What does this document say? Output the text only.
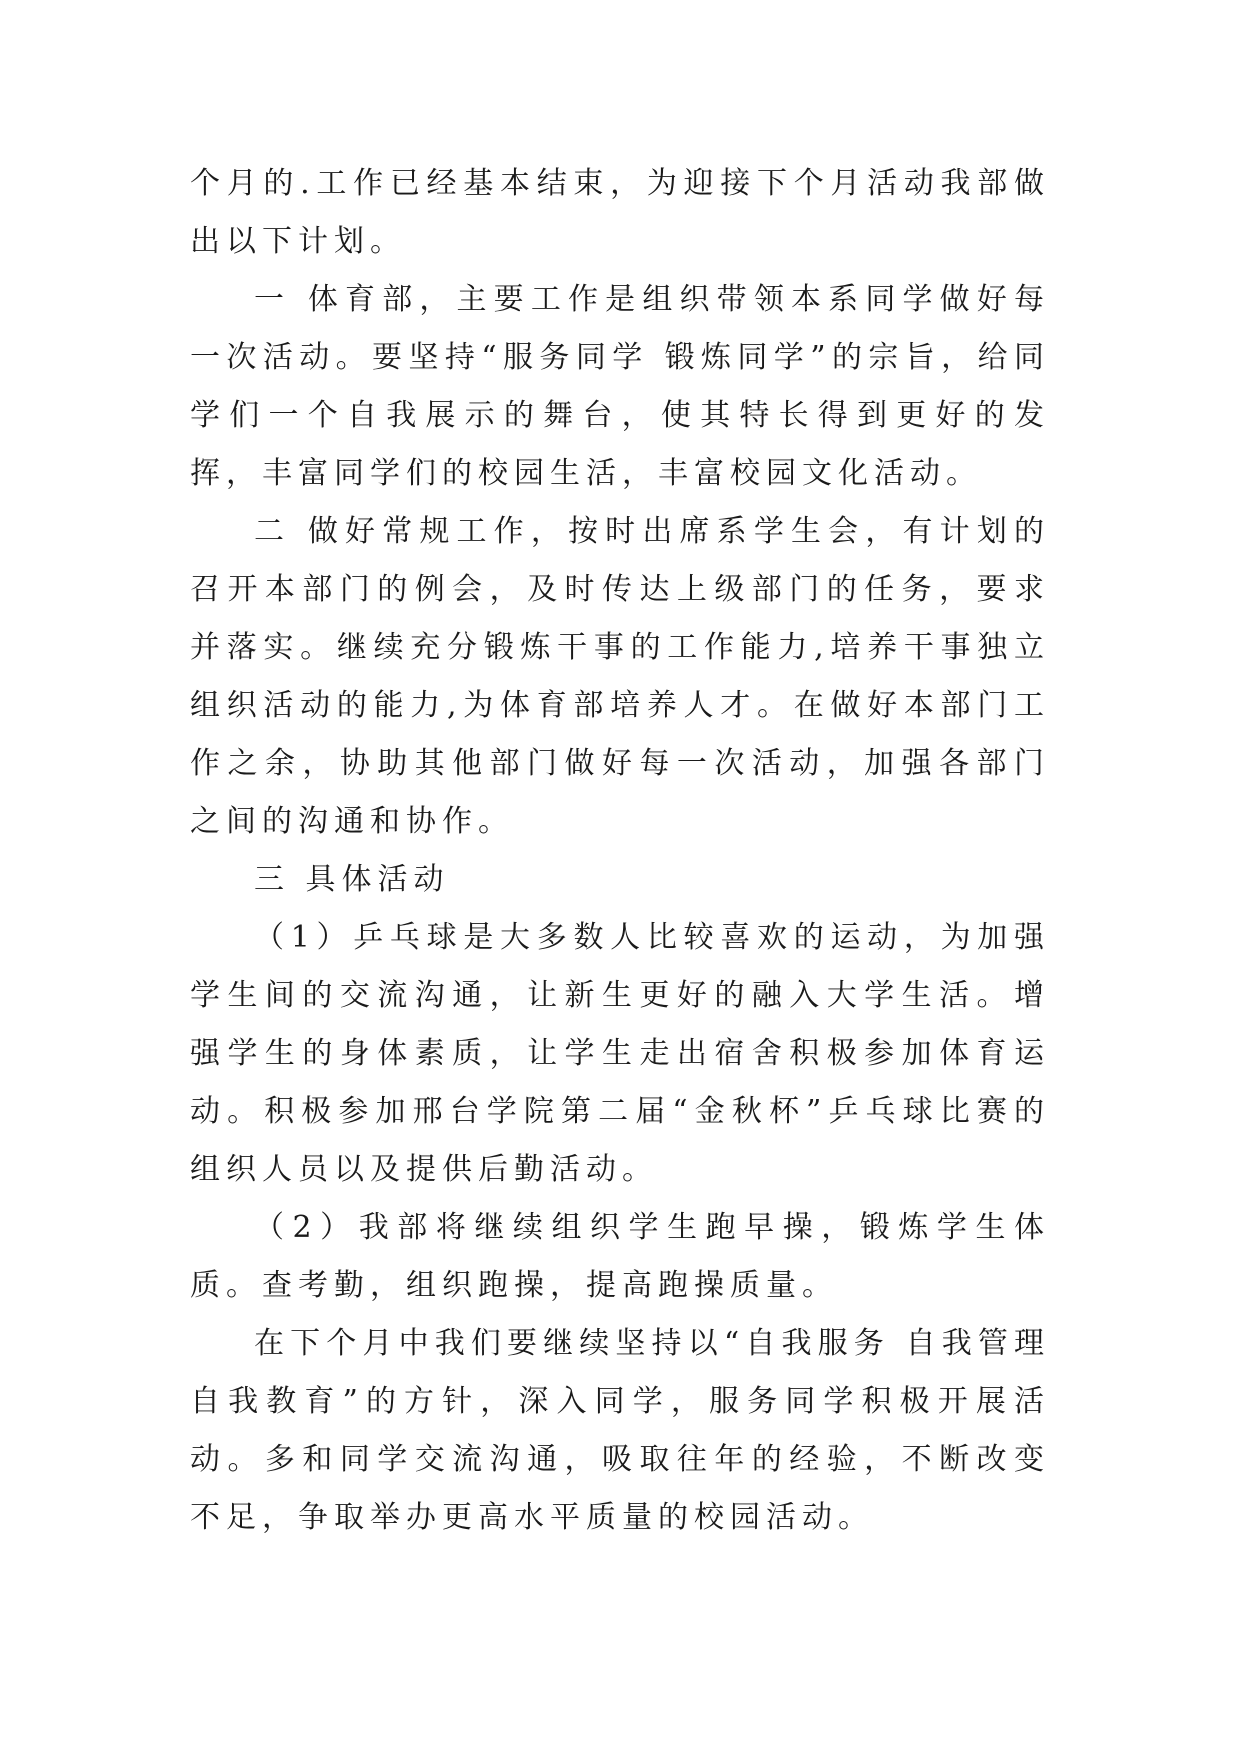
个月的.工作已经基本结束，为迎接下个月活动我部做出以下计划。

一 体育部，主要工作是组织带领本系同学做好每一次活动。要坚持“服务同学 锻炼同学”的宗旨，给同学们一个自我展示的舞台，使其特长得到更好的发挥，丰富同学们的校园生活，丰富校园文化活动。

二 做好常规工作，按时出席系学生会，有计划的召开本部门的例会，及时传达上级部门的任务，要求并落实。继续充分锻炼干事的工作能力,培养干事独立组织活动的能力,为体育部培养人才。在做好本部门工作之余，协助其他部门做好每一次活动，加强各部门之间的沟通和协作。

三 具体活动

（1）乒乓球是大多数人比较喜欢的运动，为加强学生间的交流沟通，让新生更好的融入大学生活。增强学生的身体素质，让学生走出宿舍积极参加体育运动。积极参加邢台学院第二届“金秋杯”乒乓球比赛的组织人员以及提供后勤活动。

（2）我部将继续组织学生跑早操，锻炼学生体质。查考勤，组织跑操，提高跑操质量。

在下个月中我们要继续坚持以“自我服务 自我管理 自我教育”的方针，深入同学，服务同学积极开展活动。多和同学交流沟通，吸取往年的经验，不断改变不足，争取举办更高水平质量的校园活动。
